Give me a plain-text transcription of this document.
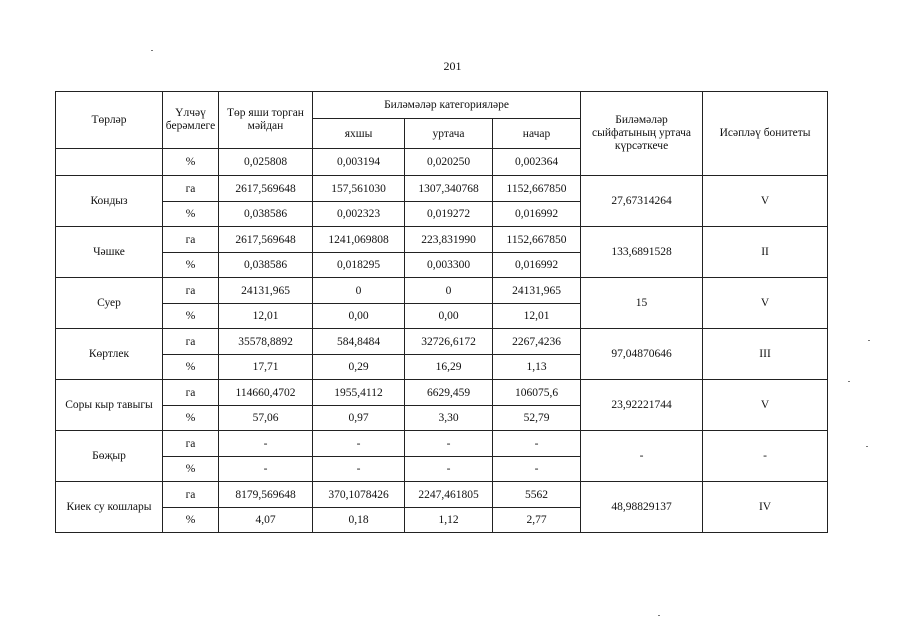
201
Төрләр	Үлчәү берәмлеге	Төр яши торган мәйдан	Биләмәләр категорияләре			Биләмәләр сыйфатының уртача күрсәткече	Исәпләү бонитеты
			яхшы	уртача	начар		
	%	0,025808	0,003194	0,020250	0,002364		
Кондыз	га	2617,569648	157,561030	1307,340768	1152,667850	27,67314264	V
	%	0,038586	0,002323	0,019272	0,016992		
Чәшке	га	2617,569648	1241,069808	223,831990	1152,667850	133,6891528	II
	%	0,038586	0,018295	0,003300	0,016992		
Суер	га	24131,965	0	0	24131,965	15	V
	%	12,01	0,00	0,00	12,01		
Көртлек	га	35578,8892	584,8484	32726,6172	2267,4236	97,04870646	III
	%	17,71	0,29	16,29	1,13		
Соры кыр тавыгы	га	114660,4702	1955,4112	6629,459	106075,6	23,92221744	V
	%	57,06	0,97	3,30	52,79		
Бөҗыр	га	-	-	-	-	-	-
	%	-	-	-	-		
Киек су кошлары	га	8179,569648	370,1078426	2247,461805	5562	48,98829137	IV
	%	4,07	0,18	1,12	2,77		
